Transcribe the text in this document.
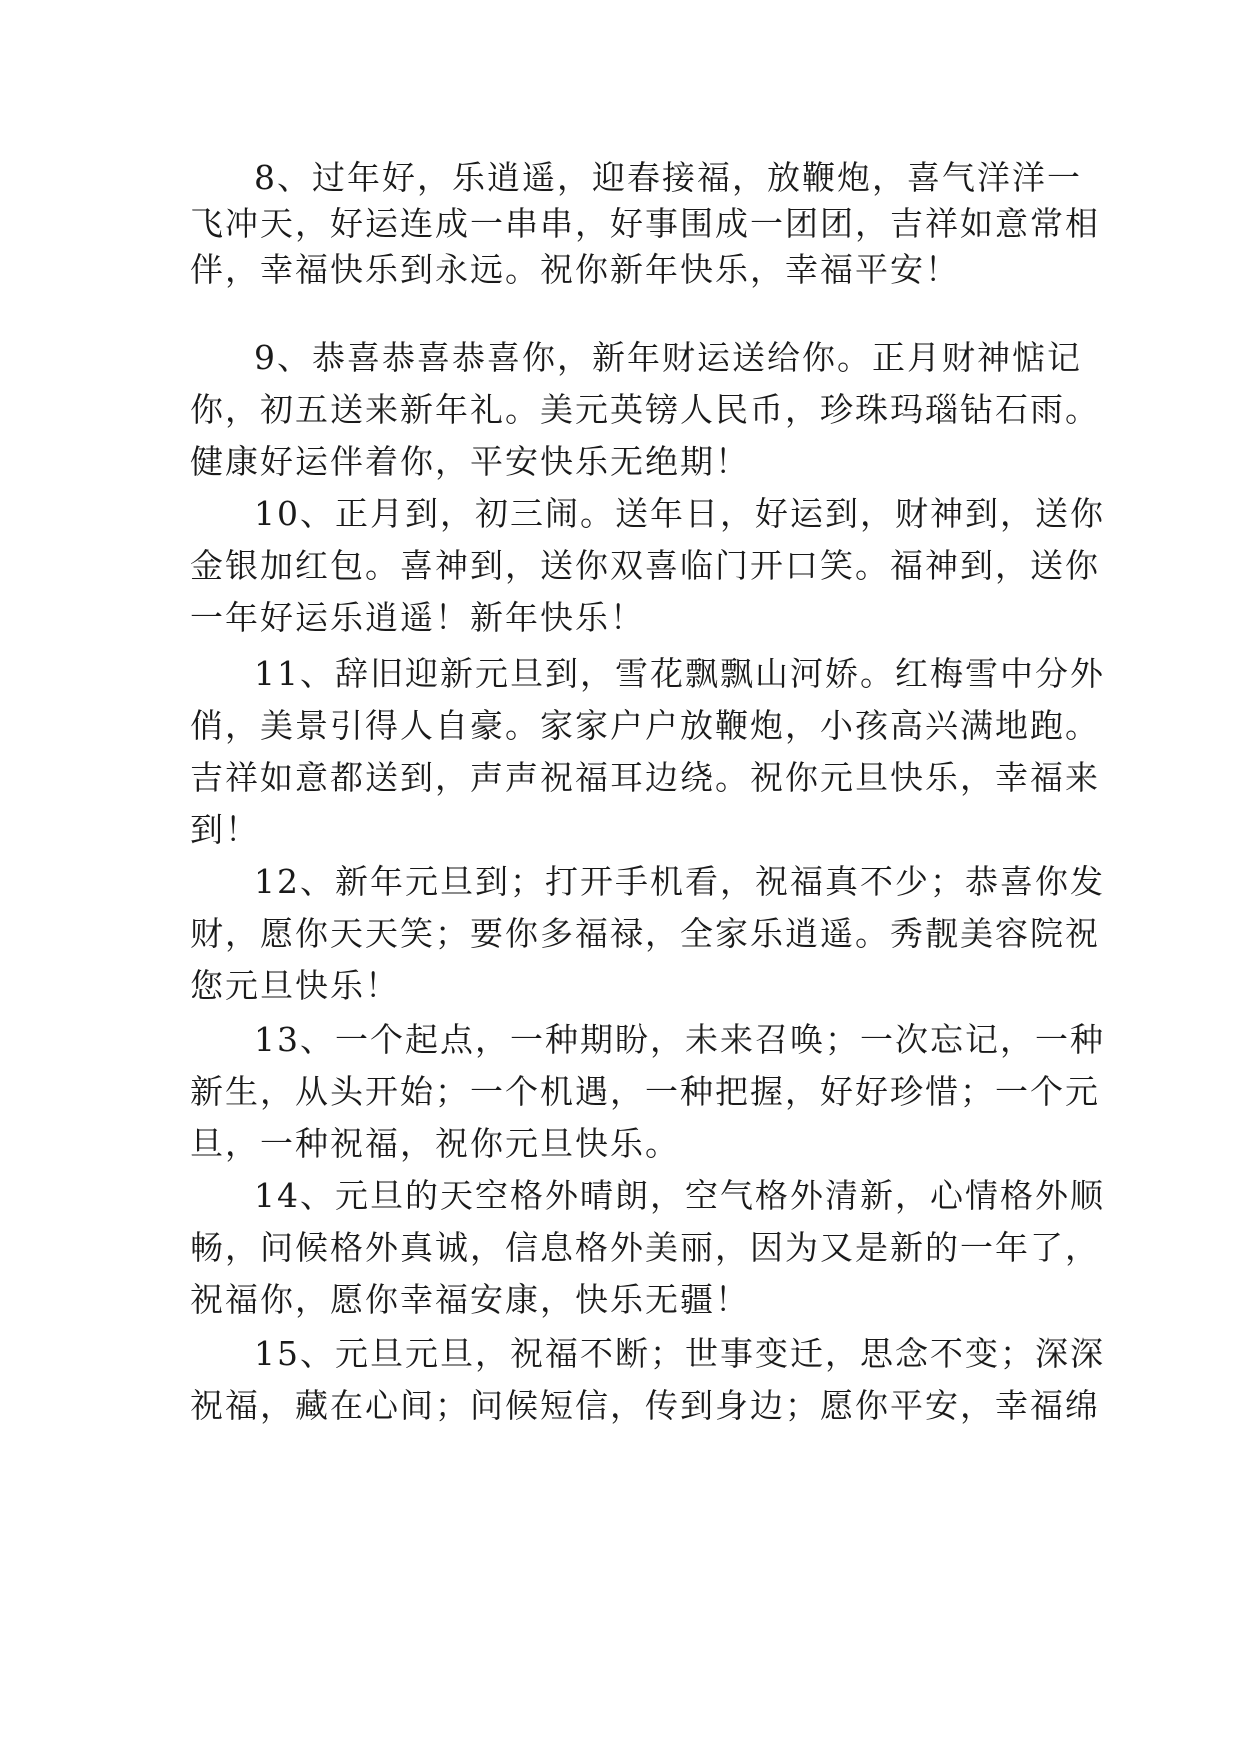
8、过年好，乐逍遥，迎春接福，放鞭炮，喜气洋洋一
飞冲天，好运连成一串串，好事围成一团团，吉祥如意常相
伴，幸福快乐到永远。祝你新年快乐，幸福平安！
9、恭喜恭喜恭喜你，新年财运送给你。正月财神惦记
你，初五送来新年礼。美元英镑人民币，珍珠玛瑙钻石雨。
健康好运伴着你，平安快乐无绝期！
10、正月到，初三闹。送年日，好运到，财神到，送你
金银加红包。喜神到，送你双喜临门开口笑。福神到，送你
一年好运乐逍遥！新年快乐！
11、辞旧迎新元旦到，雪花飘飘山河娇。红梅雪中分外
俏，美景引得人自豪。家家户户放鞭炮，小孩高兴满地跑。
吉祥如意都送到，声声祝福耳边绕。祝你元旦快乐，幸福来
到！
12、新年元旦到；打开手机看，祝福真不少；恭喜你发
财，愿你天天笑；要你多福禄，全家乐逍遥。秀靓美容院祝
您元旦快乐！
13、一个起点，一种期盼，未来召唤；一次忘记，一种
新生，从头开始；一个机遇，一种把握，好好珍惜；一个元
旦，一种祝福，祝你元旦快乐。
14、元旦的天空格外晴朗，空气格外清新，心情格外顺
畅，问候格外真诚，信息格外美丽，因为又是新的一年了，
祝福你，愿你幸福安康，快乐无疆！
15、元旦元旦，祝福不断；世事变迁，思念不变；深深
祝福，藏在心间；问候短信，传到身边；愿你平安，幸福绵
